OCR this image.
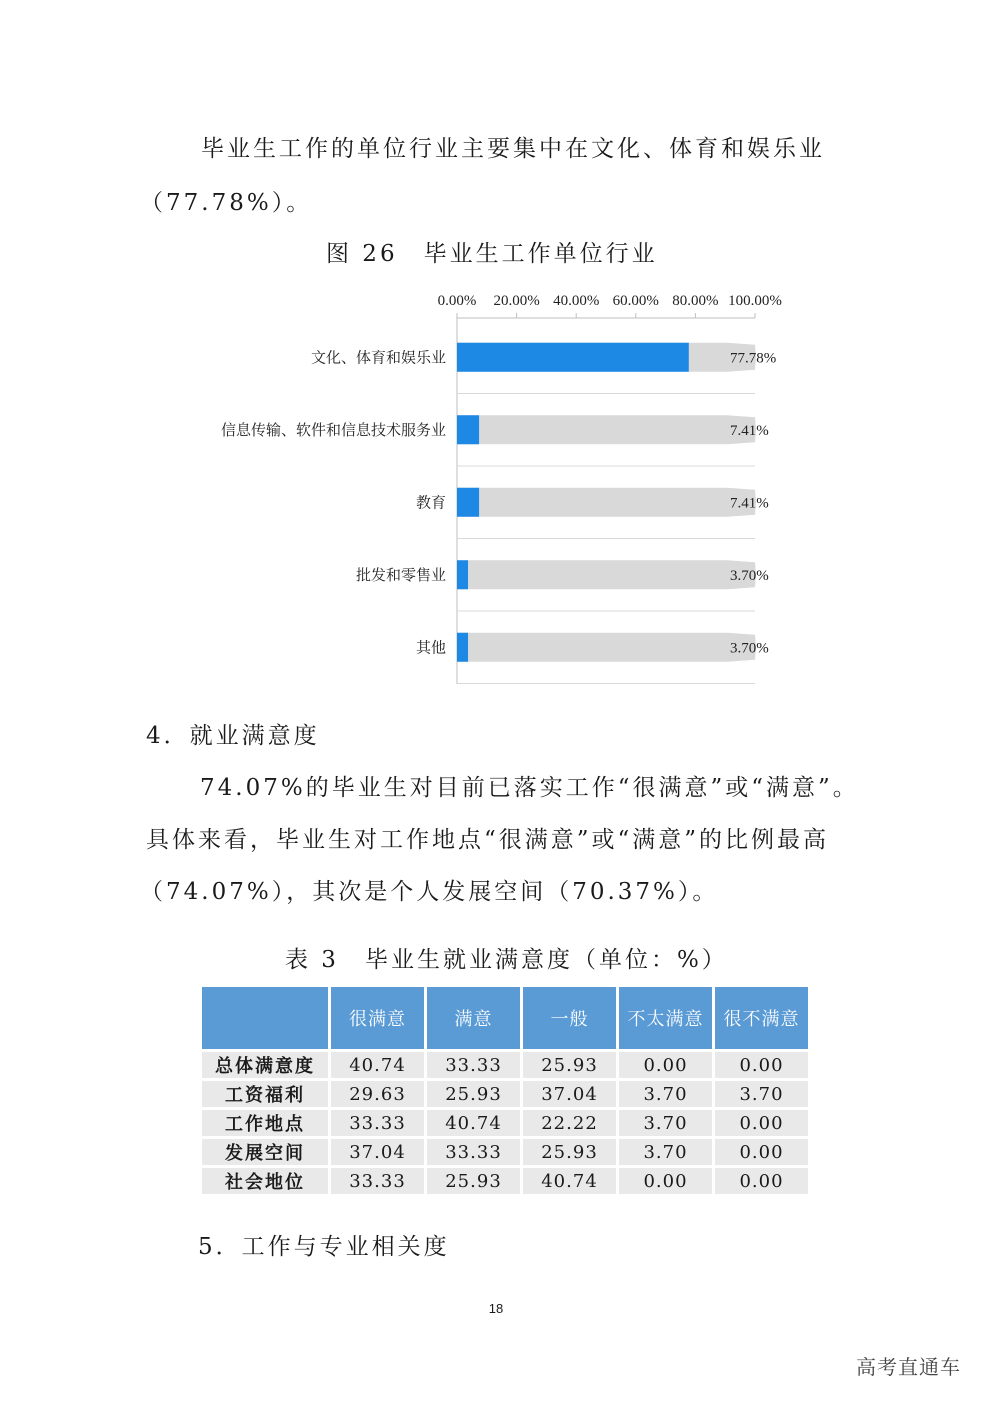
毕业生工作的单位行业主要集中在文化、体育和娱乐业
（77.78%）。
图 26　毕业生工作单位行业
0.00% 20.00% 40.00% 60.00% 80.00% 100.00%
77.78%
文化、体育和娱乐业
7.41%
信息传输、软件和信息技术服务业
7.41%
教育
3.70%
批发和零售业
3.70%
其他
4．就业满意度
74.07%的毕业生对目前已落实工作“很满意”或“满意”。
具体来看，毕业生对工作地点“很满意”或“满意”的比例最高
（74.07%），其次是个人发展空间（70.37%）。
表 3　毕业生就业满意度（单位：%）
	很满意	满意	一般	不太满意	很不满意
总体满意度	40.74	33.33	25.93	0.00	0.00
工资福利	29.63	25.93	37.04	3.70	3.70
工作地点	33.33	40.74	22.22	3.70	0.00
发展空间	37.04	33.33	25.93	3.70	0.00
社会地位	33.33	25.93	40.74	0.00	0.00
5．工作与专业相关度
18
高考直通车
